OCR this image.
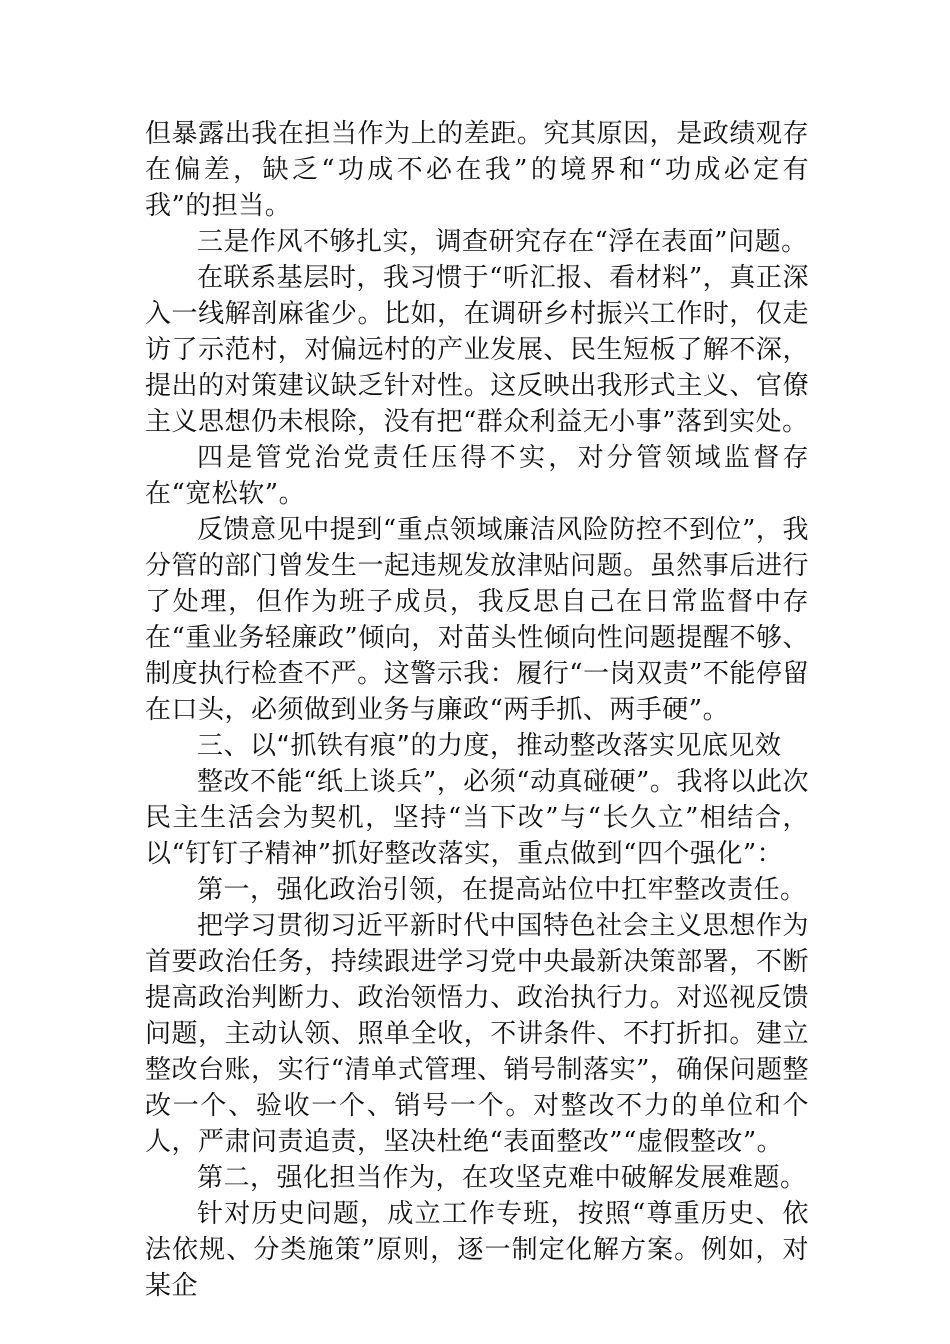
但暴露出我在担当作为上的差距。究其原因，是政绩观存在偏差，缺乏“功成不必在我”的境界和“功成必定有我”的担当。

三是作风不够扎实，调查研究存在“浮在表面”问题。

在联系基层时，我习惯于“听汇报、看材料”，真正深入一线解剖麻雀少。比如，在调研乡村振兴工作时，仅走访了示范村，对偏远村的产业发展、民生短板了解不深，提出的对策建议缺乏针对性。这反映出我形式主义、官僚主义思想仍未根除，没有把“群众利益无小事”落到实处。

四是管党治党责任压得不实，对分管领域监督存在“宽松软”。

反馈意见中提到“重点领域廉洁风险防控不到位”，我分管的部门曾发生一起违规发放津贴问题。虽然事后进行了处理，但作为班子成员，我反思自己在日常监督中存在“重业务轻廉政”倾向，对苗头性倾向性问题提醒不够、制度执行检查不严。这警示我：履行“一岗双责”不能停留在口头，必须做到业务与廉政“两手抓、两手硬”。

三、以“抓铁有痕”的力度，推动整改落实见底见效

整改不能“纸上谈兵”，必须“动真碰硬”。我将以此次民主生活会为契机，坚持“当下改”与“长久立”相结合，以“钉钉子精神”抓好整改落实，重点做到“四个强化”：

第一，强化政治引领，在提高站位中扛牢整改责任。

把学习贯彻习近平新时代中国特色社会主义思想作为首要政治任务，持续跟进学习党中央最新决策部署，不断提高政治判断力、政治领悟力、政治执行力。对巡视反馈问题，主动认领、照单全收，不讲条件、不打折扣。建立整改台账，实行“清单式管理、销号制落实”，确保问题整改一个、验收一个、销号一个。对整改不力的单位和个人，严肃问责追责，坚决杜绝“表面整改”“虚假整改”。

第二，强化担当作为，在攻坚克难中破解发展难题。

针对历史问题，成立工作专班，按照“尊重历史、依法依规、分类施策”原则，逐一制定化解方案。例如，对某企
